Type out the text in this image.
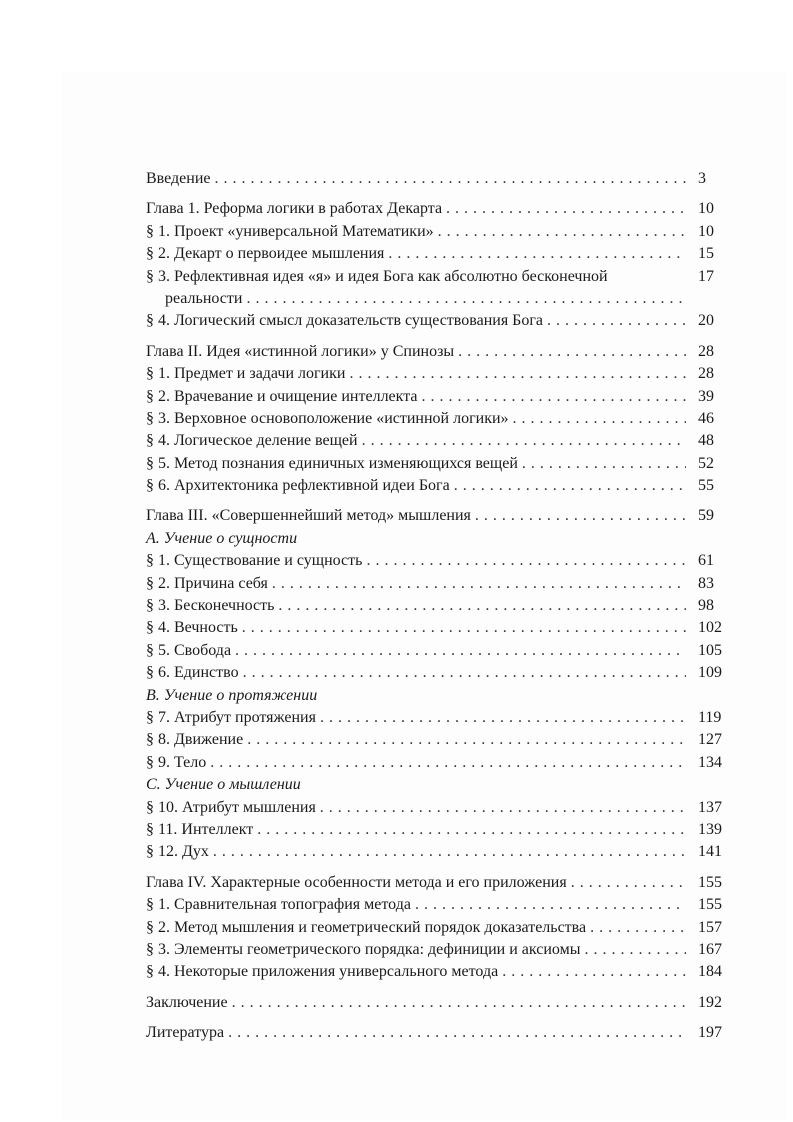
Введение . . .	3
Глава 1. Реформа логики в работах Декарта . . .	10
§ 1. Проект «универсальной Математики» . . .	10
§ 2. Декарт о первоидее мышления . . .	15
§ 3. Рефлективная идея «я» и идея Бога как абсолютно бесконечной	17
реальности
. . .
§ 4. Логический смысл доказательств существования Бога . . .	20
Глава II. Идея «истинной логики» у Спинозы . . .	28
§ 1. Предмет и задачи логики . . .	28
§ 2. Врачевание и очищение интеллекта . . .	39
§ 3. Верховное основоположение «истинной логики» . . .	46
§ 4. Логическое деление вещей . . .	48
§ 5. Метод познания единичных изменяющихся вещей . . .	52
§ 6. Архитектоника рефлективной идеи Бога . . .	55
Глава III. «Совершеннейший метод» мышления . . .	59
А. Учение о сущности
§ 1. Существование и сущность . . .	61
§ 2. Причина себя . . .	83
§ 3. Бесконечность . . .	98
§ 4. Вечность . . .	102
§ 5. Свобода . . .	105
§ 6. Единство . . .	109
В. Учение о протяжении
§ 7. Атрибут протяжения . . .	119
§ 8. Движение . . .	127
§ 9. Тело . . .	134
С. Учение о мышлении
§ 10. Атрибут мышления . . .	137
§ 11. Интеллект . . .	139
§ 12. Дух . . .	141
Глава IV. Характерные особенности метода и его приложения . . .	155
§ 1. Сравнительная топография метода . . .	155
§ 2. Метод мышления и геометрический порядок доказательства . . .	157
§ 3. Элементы геометрического порядка: дефиниции и аксиомы . . .	167
§ 4. Некоторые приложения универсального метода . . .	184
Заключение . . .	192
Литература . . .	197
